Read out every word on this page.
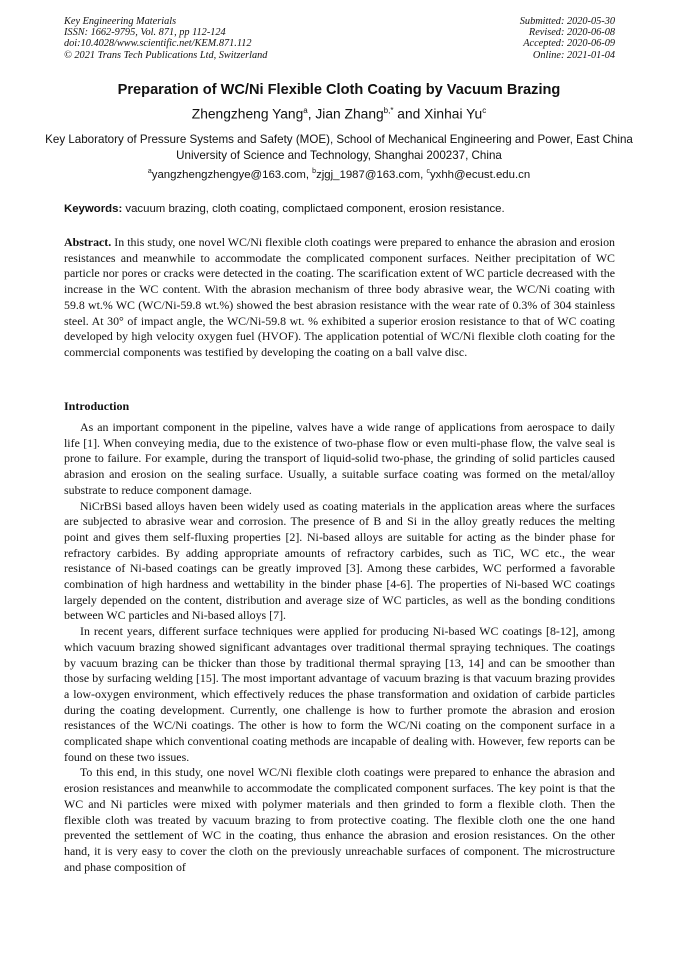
Key Engineering Materials
ISSN: 1662-9795, Vol. 871, pp 112-124
doi:10.4028/www.scientific.net/KEM.871.112
© 2021 Trans Tech Publications Ltd, Switzerland
Submitted: 2020-05-30
Revised: 2020-06-08
Accepted: 2020-06-09
Online: 2021-01-04
Preparation of WC/Ni Flexible Cloth Coating by Vacuum Brazing
Zhengzheng Yang$^a$, Jian Zhang$^{b,*}$ and Xinhai Yu$^c$
Key Laboratory of Pressure Systems and Safety (MOE), School of Mechanical Engineering and Power, East China University of Science and Technology, Shanghai 200237, China
$^a$yangzhengzhengye@163.com, $^b$zjgj_1987@163.com, $^c$yxhh@ecust.edu.cn
Keywords: vacuum brazing, cloth coating, complictaed component, erosion resistance.
Abstract. In this study, one novel WC/Ni flexible cloth coatings were prepared to enhance the abrasion and erosion resistances and meanwhile to accommodate the complicated component surfaces. Neither precipitation of WC particle nor pores or cracks were detected in the coating. The scarification extent of WC particle decreased with the increase in the WC content. With the abrasion mechanism of three body abrasive wear, the WC/Ni coating with 59.8 wt.% WC (WC/Ni-59.8 wt.%) showed the best abrasion resistance with the wear rate of 0.3% of 304 stainless steel. At 30° of impact angle, the WC/Ni-59.8 wt. % exhibited a superior erosion resistance to that of WC coating developed by high velocity oxygen fuel (HVOF). The application potential of WC/Ni flexible cloth coating for the commercial components was testified by developing the coating on a ball valve disc.
Introduction

As an important component in the pipeline, valves have a wide range of applications from aerospace to daily life [1]. When conveying media, due to the existence of two-phase flow or even multi-phase flow, the valve seal is prone to failure. For example, during the transport of liquid-solid two-phase, the grinding of solid particles caused abrasion and erosion on the sealing surface. Usually, a suitable surface coating was formed on the metal/alloy substrate to reduce component damage.

NiCrBSi based alloys haven been widely used as coating materials in the application areas where the surfaces are subjected to abrasive wear and corrosion. The presence of B and Si in the alloy greatly reduces the melting point and gives them self-fluxing properties [2]. Ni-based alloys are suitable for acting as the binder phase for refractory carbides. By adding appropriate amounts of refractory carbides, such as TiC, WC etc., the wear resistance of Ni-based coatings can be greatly improved [3]. Among these carbides, WC performed a favorable combination of high hardness and wettability in the binder phase [4-6]. The properties of Ni-based WC coatings largely depended on the content, distribution and average size of WC particles, as well as the bonding conditions between WC particles and Ni-based alloys [7].

In recent years, different surface techniques were applied for producing Ni-based WC coatings [8-12], among which vacuum brazing showed significant advantages over traditional thermal spraying techniques. The coatings by vacuum brazing can be thicker than those by traditional thermal spraying [13, 14] and can be smoother than those by surfacing welding [15]. The most important advantage of vacuum brazing is that vacuum brazing provides a low-oxygen environment, which effectively reduces the phase transformation and oxidation of carbide particles during the coating development. Currently, one challenge is how to further promote the abrasion and erosion resistances of the WC/Ni coatings. The other is how to form the WC/Ni coating on the component surface in a complicated shape which conventional coating methods are incapable of dealing with. However, few reports can be found on these two issues.

To this end, in this study, one novel WC/Ni flexible cloth coatings were prepared to enhance the abrasion and erosion resistances and meanwhile to accommodate the complicated component surfaces. The key point is that the WC and Ni particles were mixed with polymer materials and then grinded to form a flexible cloth. Then the flexible cloth was treated by vacuum brazing to from protective coating. The flexible cloth one the one hand prevented the settlement of WC in the coating, thus enhance the abrasion and erosion resistances. On the other hand, it is very easy to cover the cloth on the previously unreachable surfaces of component. The microstructure and phase composition of
